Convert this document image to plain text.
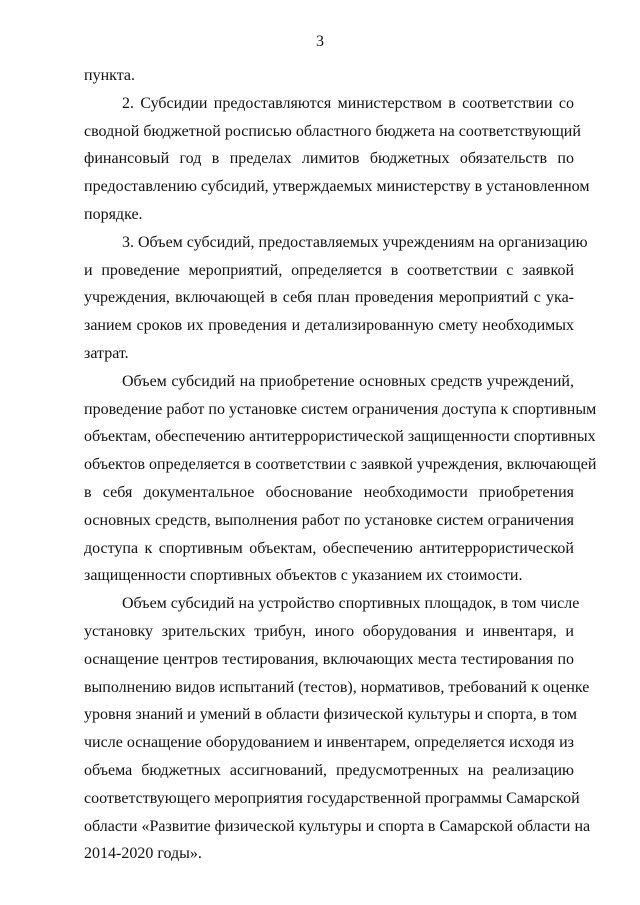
3
пункта.
2. Субсидии предоставляются министерством в соответствии со
сводной бюджетной росписью областного бюджета на соответствующий
финансовый год в пределах лимитов бюджетных обязательств по
предоставлению субсидий, утверждаемых министерству в установленном
порядке.
3. Объем субсидий, предоставляемых учреждениям на организацию
и проведение мероприятий, определяется в соответствии с заявкой
учреждения, включающей в себя план проведения мероприятий с ука-
занием сроков их проведения и детализированную смету необходимых
затрат.
Объем субсидий на приобретение основных средств учреждений,
проведение работ по установке систем ограничения доступа к спортивным
объектам, обеспечению антитеррористической защищенности спортивных
объектов определяется в соответствии с заявкой учреждения, включающей
в себя документальное обоснование необходимости приобретения
основных средств, выполнения работ по установке систем ограничения
доступа к спортивным объектам, обеспечению антитеррористической
защищенности спортивных объектов с указанием их стоимости.
Объем субсидий на устройство спортивных площадок, в том числе
установку зрительских трибун, иного оборудования и инвентаря, и
оснащение центров тестирования, включающих места тестирования по
выполнению видов испытаний (тестов), нормативов, требований к оценке
уровня знаний и умений в области физической культуры и спорта, в том
числе оснащение оборудованием и инвентарем, определяется исходя из
объема бюджетных ассигнований, предусмотренных на реализацию
соответствующего мероприятия государственной программы Самарской
области «Развитие физической культуры и спорта в Самарской области на
2014-2020 годы».
